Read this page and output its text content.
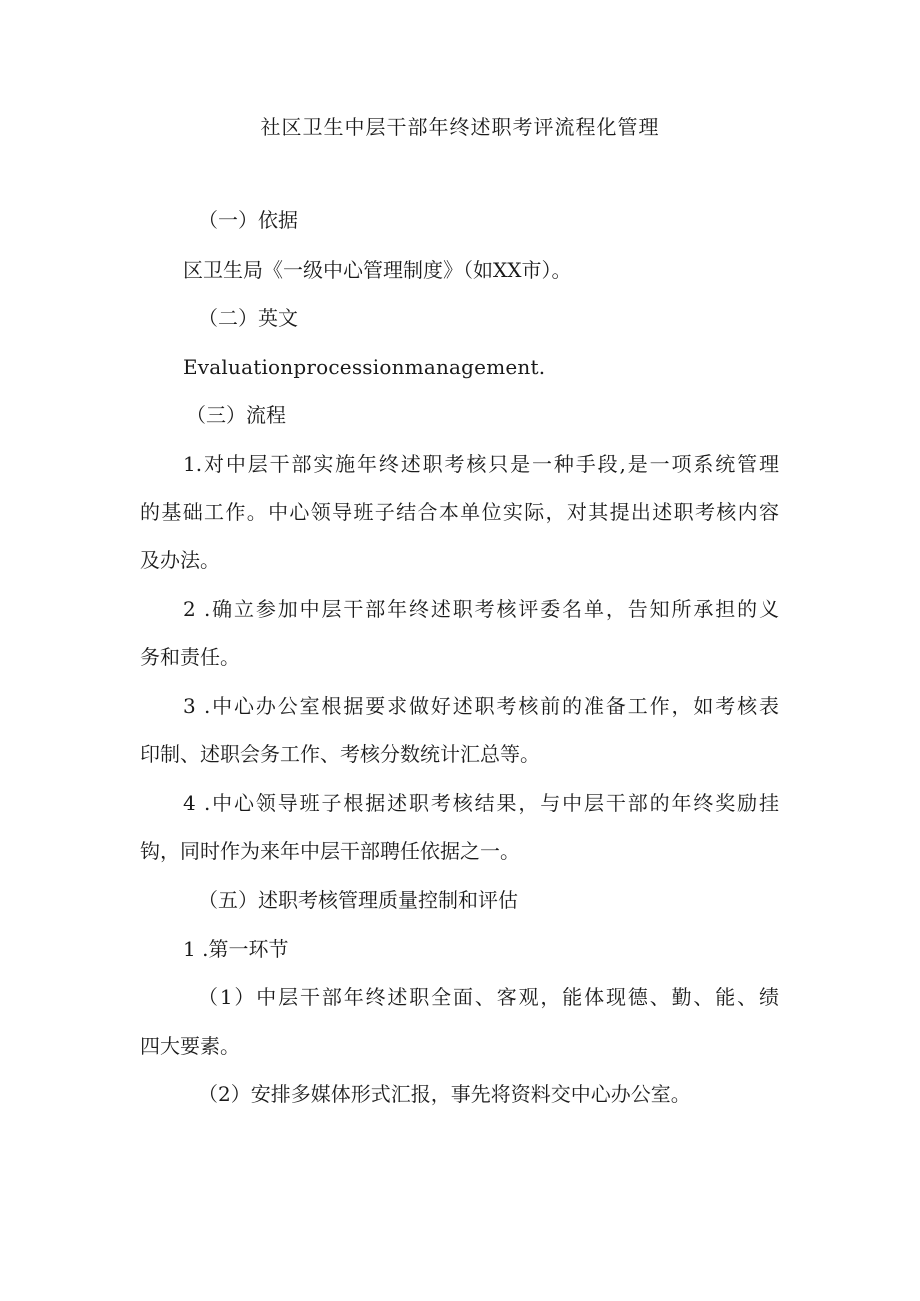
社区卫生中层干部年终述职考评流程化管理
（一）依据
区卫生局《一级中心管理制度》（如XX市）。
（二）英文
Evaluationprocessionmanagement.
（三）流程
1.对中层干部实施年终述职考核只是一种手段,是一项系统管理
的基础工作。中心领导班子结合本单位实际，对其提出述职考核内容
及办法。
2 .确立参加中层干部年终述职考核评委名单，告知所承担的义
务和责任。
3 .中心办公室根据要求做好述职考核前的准备工作，如考核表
印制、述职会务工作、考核分数统计汇总等。
4 .中心领导班子根据述职考核结果，与中层干部的年终奖励挂
钩，同时作为来年中层干部聘任依据之一。
（五）述职考核管理质量控制和评估
1 .第一环节
（1）中层干部年终述职全面、客观，能体现德、勤、能、绩
四大要素。
（2）安排多媒体形式汇报，事先将资料交中心办公室。
